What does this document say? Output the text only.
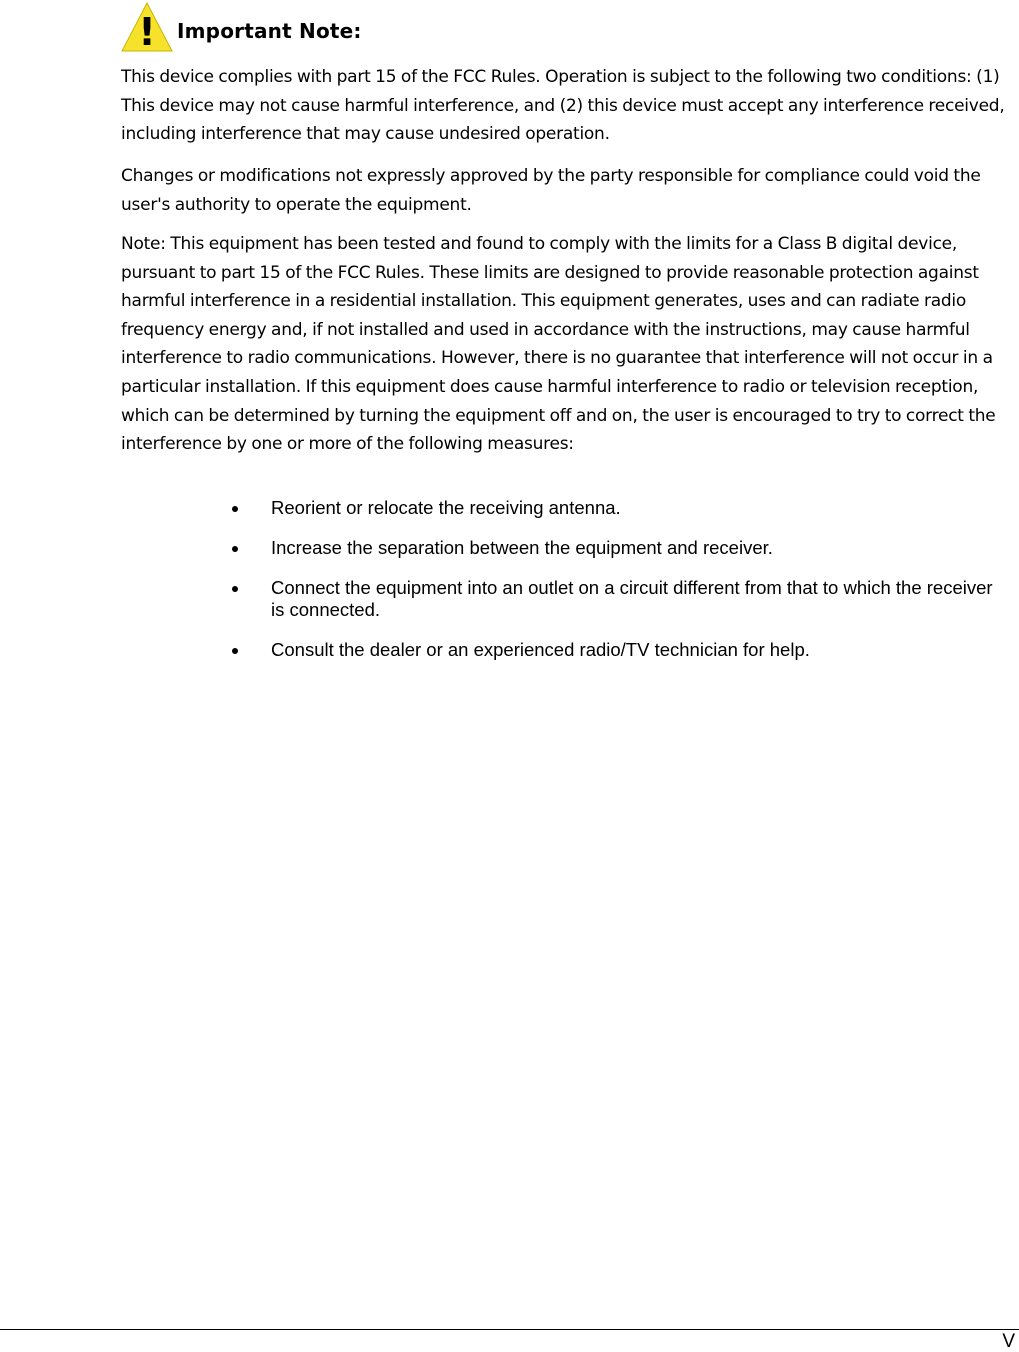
! Important Note:

This device complies with part 15 of the FCC Rules. Operation is subject to the following two conditions: (1) This device may not cause harmful interference, and (2) this device must accept any interference received, including interference that may cause undesired operation.

Changes or modifications not expressly approved by the party responsible for compliance could void the user's authority to operate the equipment.

Note: This equipment has been tested and found to comply with the limits for a Class B digital device, pursuant to part 15 of the FCC Rules. These limits are designed to provide reasonable protection against harmful interference in a residential installation. This equipment generates, uses and can radiate radio frequency energy and, if not installed and used in accordance with the instructions, may cause harmful interference to radio communications. However, there is no guarantee that interference will not occur in a particular installation. If this equipment does cause harmful interference to radio or television reception, which can be determined by turning the equipment off and on, the user is encouraged to try to correct the interference by one or more of the following measures:

Reorient or relocate the receiving antenna.
Increase the separation between the equipment and receiver.
Connect the equipment into an outlet on a circuit different from that to which the receiver is connected.
Consult the dealer or an experienced radio/TV technician for help.
V
